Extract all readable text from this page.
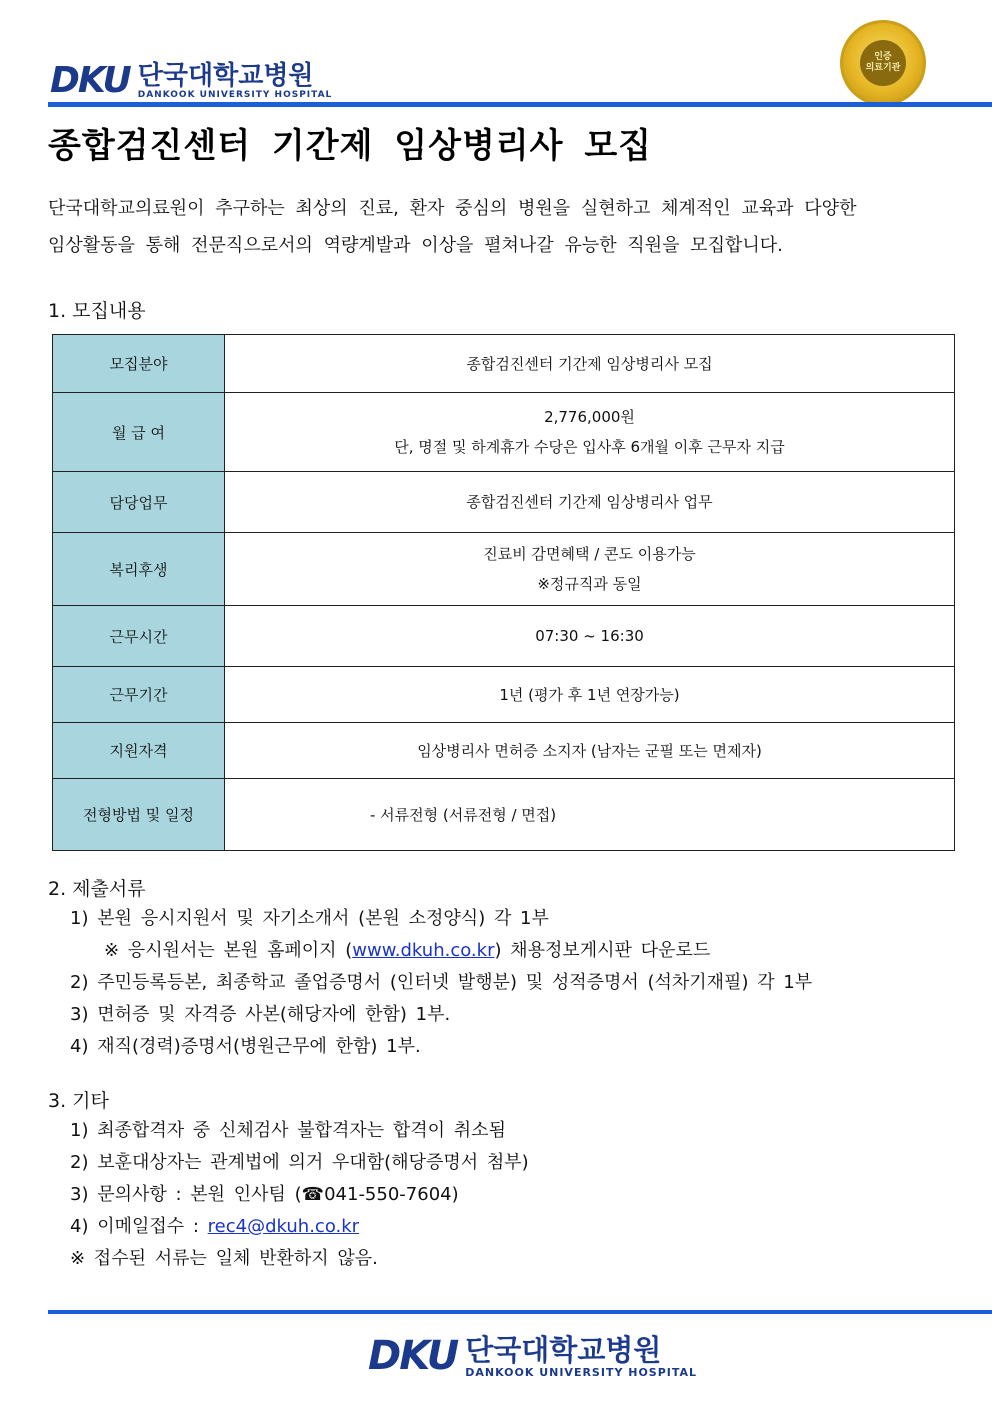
DKU 단국대학교병원
DANKOOK UNIVERSITY HOSPITAL
인증
의료기관
종합검진센터 기간제 임상병리사 모집
단국대학교의료원이 추구하는 최상의 진료, 환자 중심의 병원을 실현하고 체계적인 교육과 다양한
임상활동을 통해 전문직으로서의 역량계발과 이상을 펼쳐나갈 유능한 직원을 모집합니다.
1. 모집내용
모집분야	종합검진센터 기간제 임상병리사 모집

월 급 여	2,776,000원
단, 명절 및 하계휴가 수당은 입사후 6개월 이후 근무자 지급

담당업무	종합검진센터 기간제 임상병리사 업무

복리후생	진료비 감면혜택 / 콘도 이용가능
※정규직과 동일

근무시간	07:30 ~ 16:30

근무기간	1년 (평가 후 1년 연장가능)

지원자격	임상병리사 면허증 소지자 (남자는 군필 또는 면제자)

전형방법 및 일정	- 서류전형 (서류전형 / 면접)
2. 제출서류
1) 본원 응시지원서 및 자기소개서 (본원 소정양식) 각 1부
※ 응시원서는 본원 홈페이지 (www.dkuh.co.kr) 채용정보게시판 다운로드
2) 주민등록등본, 최종학교 졸업증명서 (인터넷 발행분) 및 성적증명서 (석차기재필) 각 1부
3) 면허증 및 자격증 사본(해당자에 한함) 1부.
4) 재직(경력)증명서(병원근무에 한함) 1부.
3. 기타
1) 최종합격자 중 신체검사 불합격자는 합격이 취소됨
2) 보훈대상자는 관계법에 의거 우대함(해당증명서 첨부)
3) 문의사항 : 본원 인사팀 (☎041-550-7604)
4) 이메일접수 : rec4@dkuh.co.kr
※ 접수된 서류는 일체 반환하지 않음.
DKU 단국대학교병원
DANKOOK UNIVERSITY HOSPITAL
